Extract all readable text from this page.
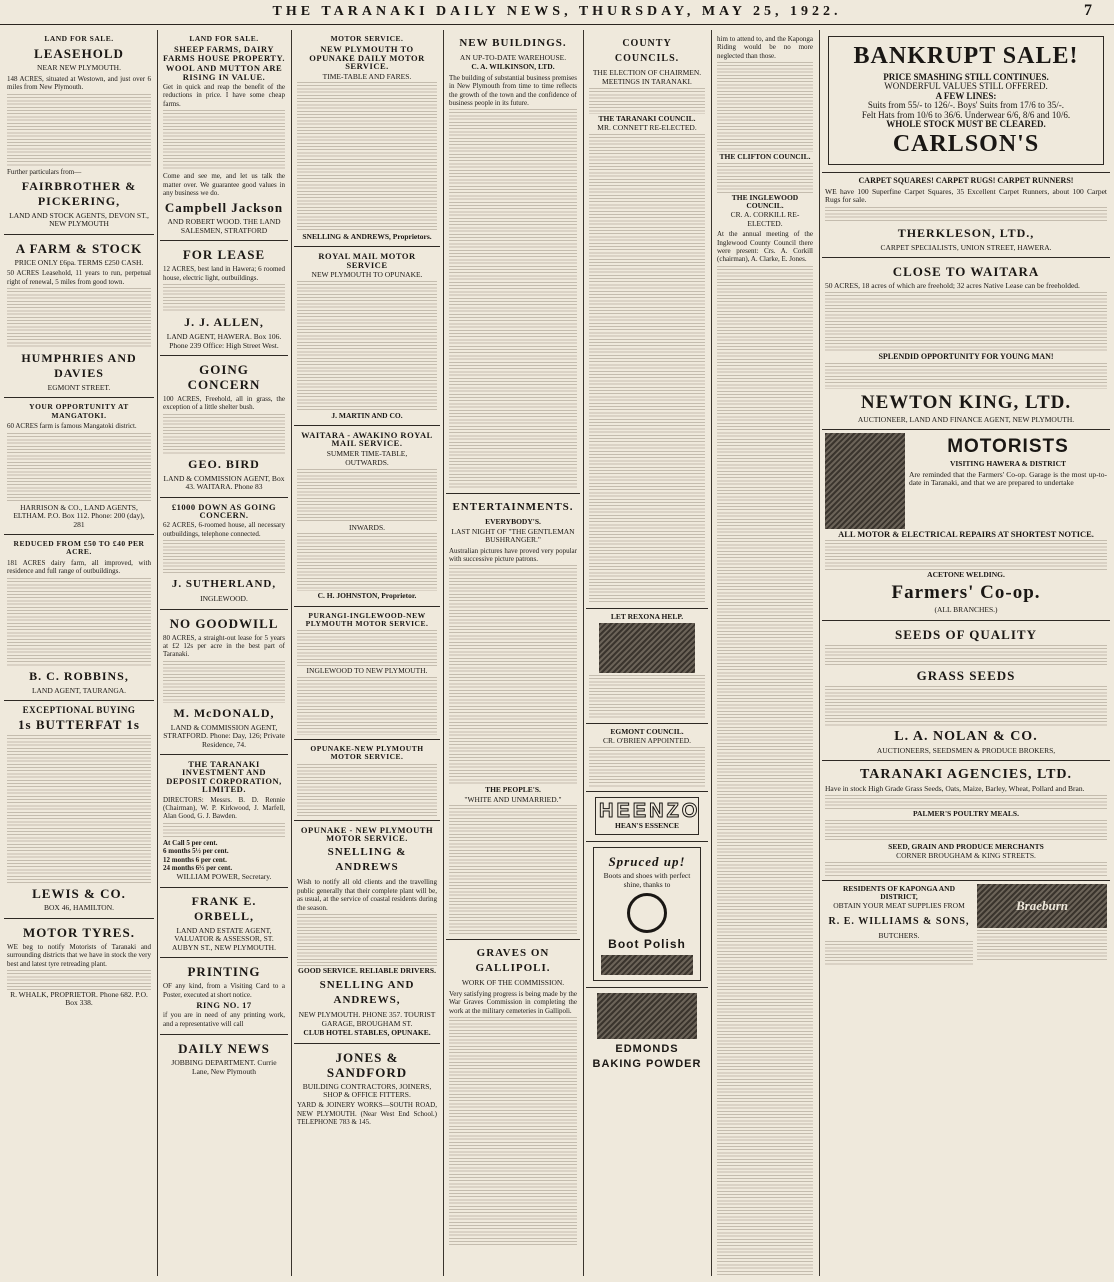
THE TARANAKI DAILY NEWS, THURSDAY, MAY 25, 1922.	7
LAND FOR SALE.
LEASEHOLD
NEAR NEW PLYMOUTH.
148 ACRES, situated at Westown, and just over 6 miles from New Plymouth.
Further particulars from—
FAIRBROTHER & PICKERING,
LAND AND STOCK AGENTS, DEVON ST., NEW PLYMOUTH
A FARM & STOCK
PRICE ONLY £6pa. TERMS £250 CASH.
50 ACRES Leasehold, 11 years to run, perpetual right of renewal, 5 miles from good town.
HUMPHRIES AND DAVIES
EGMONT STREET.
YOUR OPPORTUNITY AT MANGATOKI.
60 ACRES farm is famous Mangatoki district.
HARRISON & CO., LAND AGENTS, ELTHAM. P.O. Box 112. Phone: 200 (day), 281
REDUCED FROM £50 TO £40 PER ACRE.
181 ACRES dairy farm, all improved, with residence and full range of outbuildings.
B. C. ROBBINS,
LAND AGENT, TAURANGA.
EXCEPTIONAL BUYING
1s BUTTERFAT 1s
LEWIS & CO.
BOX 46, HAMILTON.
MOTOR TYRES.
WE beg to notify Motorists of Taranaki and surrounding districts that we have in stock the very best and latest tyre retreading plant.
R. WHALK, PROPRIETOR. Phone 682. P.O. Box 338.
LAND FOR SALE.
SHEEP FARMS, DAIRY FARMS HOUSE PROPERTY.
WOOL AND MUTTON ARE RISING IN VALUE.
Get in quick and reap the benefit of the reductions in price. I have some cheap farms.
Come and see me, and let us talk the matter over. We guarantee good values in any business we do.
Campbell Jackson
AND ROBERT WOOD. THE LAND SALESMEN, STRATFORD
FOR LEASE
12 ACRES, best land in Hawera; 6 roomed house, electric light, outbuildings.
J. J. ALLEN,
LAND AGENT, HAWERA. Box 106. Phone 239 Office: High Street West.
GOING CONCERN
100 ACRES, Freehold, all in grass, the exception of a little shelter bush.
GEO. BIRD
LAND & COMMISSION AGENT, Box 43. WAITARA. Phone 83
£1000 DOWN AS GOING CONCERN.
62 ACRES, 6-roomed house, all necessary outbuildings, telephone connected.
J. SUTHERLAND,
INGLEWOOD.
NO GOODWILL
80 ACRES, a straight-out lease for 5 years at £2 12s per acre in the best part of Taranaki.
M. McDONALD,
LAND & COMMISSION AGENT, STRATFORD. Phone: Day, 126; Private Residence, 74.
THE TARANAKI INVESTMENT AND DEPOSIT CORPORATION, LIMITED.
DIRECTORS: Messrs. B. D. Rennie (Chairman), W. P. Kirkwood, J. Marfell, Alan Good, G. J. Bawden.
At Call 5 per cent.
6 months 5½ per cent.
12 months 6 per cent.
24 months 6½ per cent.
WILLIAM POWER, Secretary.
FRANK E. ORBELL,
LAND AND ESTATE AGENT, VALUATOR & ASSESSOR, ST. AUBYN ST., NEW PLYMOUTH.
PRINTING
OF any kind, from a Visiting Card to a Poster, executed at short notice.
RING NO. 17
if you are in need of any printing work, and a representative will call
DAILY NEWS
JOBBING DEPARTMENT. Currie Lane, New Plymouth
MOTOR SERVICE.
NEW PLYMOUTH TO OPUNAKE DAILY MOTOR SERVICE.
TIME-TABLE AND FARES.
SNELLING & ANDREWS, Proprietors.
ROYAL MAIL MOTOR SERVICE
NEW PLYMOUTH TO OPUNAKE.
J. MARTIN AND CO.
WAITARA - AWAKINO ROYAL MAIL SERVICE.
SUMMER TIME-TABLE,
OUTWARDS.
INWARDS.
C. H. JOHNSTON, Proprietor.
PURANGI-INGLEWOOD-NEW PLYMOUTH MOTOR SERVICE.
INGLEWOOD TO NEW PLYMOUTH.
OPUNAKE-NEW PLYMOUTH MOTOR SERVICE.
OPUNAKE - NEW PLYMOUTH MOTOR SERVICE.
SNELLING & ANDREWS
Wish to notify all old clients and the travelling public generally that their complete plant will be, as usual, at the service of coastal residents during the season.
GOOD SERVICE. RELIABLE DRIVERS.
SNELLING AND ANDREWS,
NEW PLYMOUTH. PHONE 357. TOURIST GARAGE, BROUGHAM ST.
CLUB HOTEL STABLES, OPUNAKE.
JONES & SANDFORD
BUILDING CONTRACTORS, JOINERS, SHOP & OFFICE FITTERS.
YARD & JOINERY WORKS—SOUTH ROAD, NEW PLYMOUTH. (Near West End School.) TELEPHONE 783 & 145.
NEW BUILDINGS.
AN UP-TO-DATE WAREHOUSE.
C. A. WILKINSON, LTD.
The building of substantial business premises in New Plymouth from time to time reflects the growth of the town and the confidence of business people in its future.
ENTERTAINMENTS.
EVERYBODY'S.
LAST NIGHT OF "THE GENTLEMAN BUSHRANGER."
Australian pictures have proved very popular with successive picture patrons.
THE PEOPLE'S.
"WHITE AND UNMARRIED."
GRAVES ON GALLIPOLI.
WORK OF THE COMMISSION.
Very satisfying progress is being made by the War Graves Commission in completing the work at the military cemeteries in Gallipoli.
COUNTY COUNCILS.
THE ELECTION OF CHAIRMEN.
MEETINGS IN TARANAKI.
THE TARANAKI COUNCIL.
MR. CONNETT RE-ELECTED.
LET REXONA HELP.
EGMONT COUNCIL.
CR. O'BRIEN APPOINTED.
HEENZO
HEAN'S ESSENCE
Spruced up!
Boots and shoes with perfect shine, thanks to
Boot Polish
EDMONDS BAKING POWDER
him to attend to, and the Kaponga Riding would be no more neglected than those.
THE CLIFTON COUNCIL.
THE INGLEWOOD COUNCIL.
CR. A. CORKILL RE-ELECTED.
At the annual meeting of the Inglewood County Council there were present: Crs. A. Corkill (chairman), A. Clarke, E. Jones.
BANKRUPT SALE!
PRICE SMASHING STILL CONTINUES.
WONDERFUL VALUES STILL OFFERED.
A FEW LINES:
Suits from 55/- to 126/-. Boys' Suits from 17/6 to 35/-.
Felt Hats from 10/6 to 36/6. Underwear 6/6, 8/6 and 10/6.
WHOLE STOCK MUST BE CLEARED.
CARLSON'S
CARPET SQUARES! CARPET RUGS! CARPET RUNNERS!
WE have 100 Superfine Carpet Squares, 35 Excellent Carpet Runners, about 100 Carpet Rugs for sale.
THERKLESON, LTD.,
CARPET SPECIALISTS, UNION STREET, HAWERA.
CLOSE TO WAITARA
50 ACRES, 18 acres of which are freehold; 32 acres Native Lease can be freeholded.
SPLENDID OPPORTUNITY FOR YOUNG MAN!
NEWTON KING, LTD.
AUCTIONEER, LAND AND FINANCE AGENT, NEW PLYMOUTH.
MOTORISTS
VISITING HAWERA & DISTRICT
Are reminded that the Farmers' Co-op. Garage is the most up-to-date in Taranaki, and that we are prepared to undertake
ALL MOTOR & ELECTRICAL REPAIRS AT SHORTEST NOTICE.
ACETONE WELDING.
Farmers' Co-op.
(ALL BRANCHES.)
SEEDS OF QUALITY
GRASS SEEDS
L. A. NOLAN & CO.
AUCTIONEERS, SEEDSMEN & PRODUCE BROKERS,
TARANAKI AGENCIES, LTD.
Have in stock High Grade Grass Seeds, Oats, Maize, Barley, Wheat, Pollard and Bran.
PALMER'S POULTRY MEALS.
SEED, GRAIN AND PRODUCE MERCHANTS
CORNER BROUGHAM & KING STREETS.
RESIDENTS OF KAPONGA AND DISTRICT,
OBTAIN YOUR MEAT SUPPLIES FROM
R. E. WILLIAMS & SONS,
BUTCHERS.
Braeburn
